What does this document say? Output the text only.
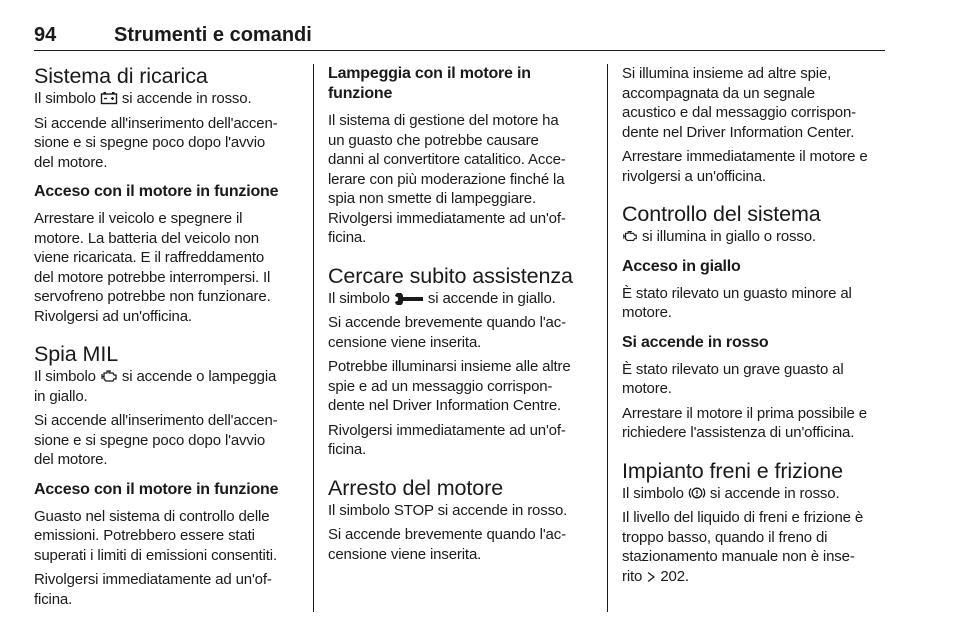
94	Strumenti e comandi
Sistema di ricarica

Il simbolo si accende in rosso.

Si accende all'inserimento dell'accen-
sione e si spegne poco dopo l'avvio
del motore.

Acceso con il motore in funzione

Arrestare il veicolo e spegnere il
motore. La batteria del veicolo non
viene ricaricata. E il raffreddamento
del motore potrebbe interrompersi. Il
servofreno potrebbe non funzionare.
Rivolgersi ad un'officina.

Spia MIL

Il simbolo si accende o lampeggia
in giallo.

Si accende all'inserimento dell'accen-
sione e si spegne poco dopo l'avvio
del motore.

Acceso con il motore in funzione

Guasto nel sistema di controllo delle
emissioni. Potrebbero essere stati
superati i limiti di emissioni consentiti.

Rivolgersi immediatamente ad un'of-
ficina.

Lampeggia con il motore in
funzione

Il sistema di gestione del motore ha
un guasto che potrebbe causare
danni al convertitore catalitico. Acce-
lerare con più moderazione finché la
spia non smette di lampeggiare.
Rivolgersi immediatamente ad un'of-
ficina.

Cercare subito assistenza

Il simbolo	si accende in giallo.

Si accende brevemente quando l'ac-
censione viene inserita.

Potrebbe illuminarsi insieme alle altre
spie e ad un messaggio corrispon-
dente nel Driver Information Centre.

Rivolgersi immediatamente ad un'of-
ficina.

Arresto del motore

Il simbolo STOP si accende in rosso.

Si accende brevemente quando l'ac-
censione viene inserita.

Si illumina insieme ad altre spie,
accompagnata da un segnale
acustico e dal messaggio corrispon-
dente nel Driver Information Center.

Arrestare immediatamente il motore e
rivolgersi a un'officina.

Controllo del sistema

si illumina in giallo o rosso.

Acceso in giallo

È stato rilevato un guasto minore al
motore.

Si accende in rosso

È stato rilevato un grave guasto al
motore.

Arrestare il motore il prima possibile e
richiedere l'assistenza di un'officina.

Impianto freni e frizione

Il simbolo si accende in rosso.

Il livello del liquido di freni e frizione è
troppo basso, quando il freno di
stazionamento manuale non è inse-
rito 202.
